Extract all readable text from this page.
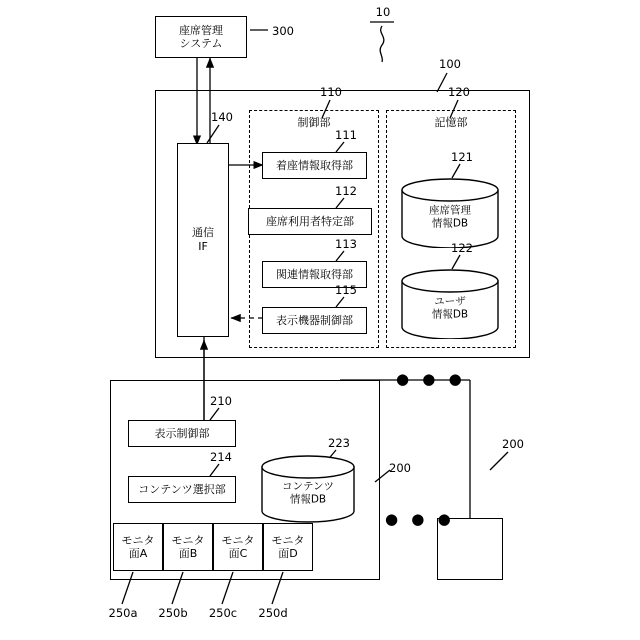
10
座席管理
システム
300
100
通信
IF
140	制御部
110
着座情報取得部
111
座席利用者特定部
112
関連情報取得部
113
表示機器制御部
115
記憶部
120
座席管理
情報DB
121
ユーザ
情報DB
122
200
表示制御部
210
コンテンツ選択部
214
コンテンツ
情報DB
223
モニタ
面A
モニタ
面B
モニタ
面C
モニタ
面D
250a 250b 250c 250d
200
● ● ●
● ● ●
